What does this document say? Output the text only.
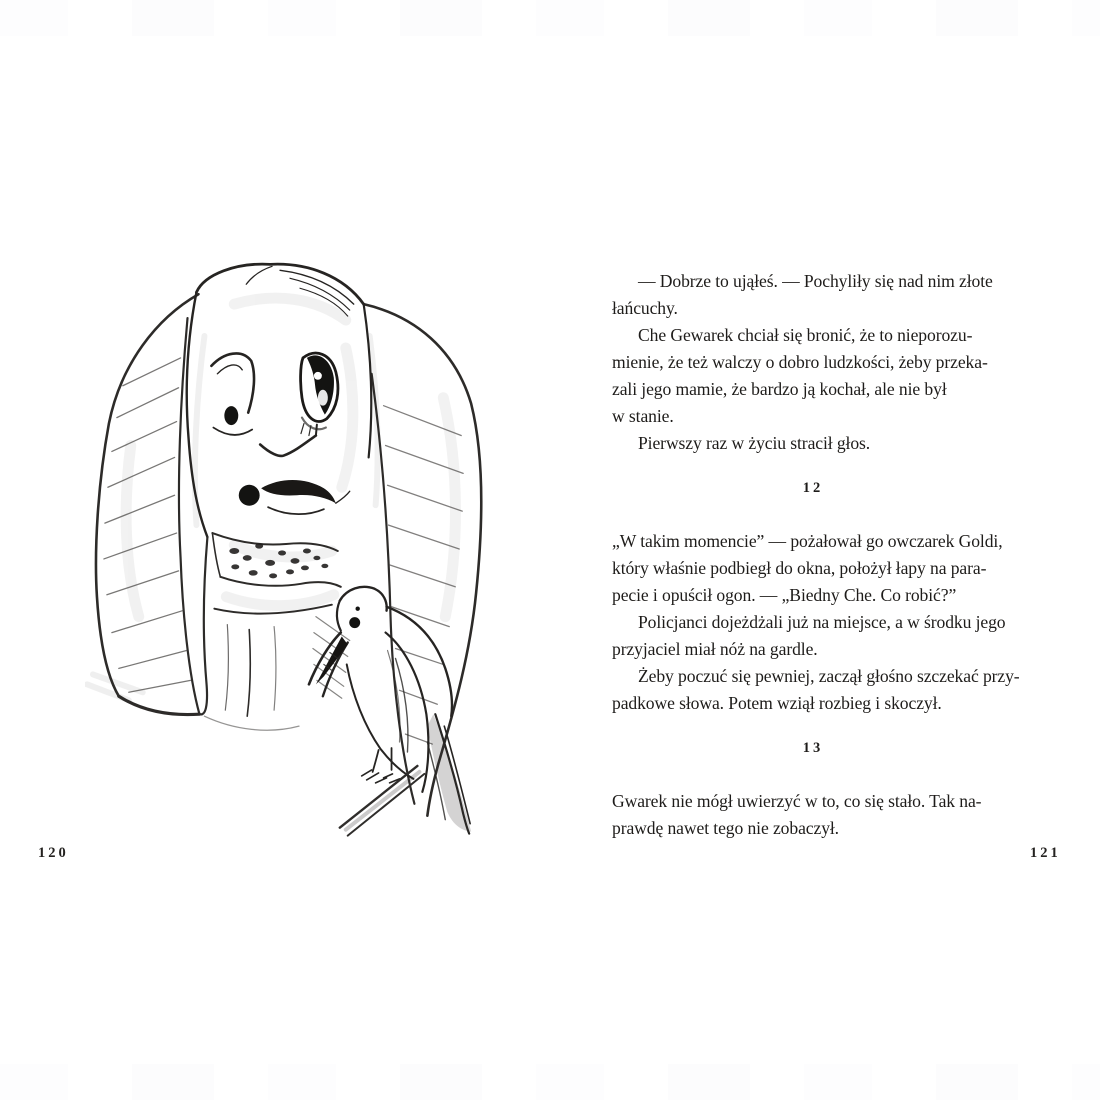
— Dobrze to ująłeś. — Pochyliły się nad nim złote
łańcuchy.
Che Gewarek chciał się bronić, że to nieporozu-
mienie, że też walczy o dobro ludzkości, żeby przeka-
zali jego mamie, że bardzo ją kochał, ale nie był
w stanie.
Pierwszy raz w życiu stracił głos.
12
„W takim momencie” — pożałował go owczarek Goldi,
który właśnie podbiegł do okna, położył łapy na para-
pecie i opuścił ogon. — „Biedny Che. Co robić?”
Policjanci dojeżdżali już na miejsce, a w środku jego
przyjaciel miał nóż na gardle.
Żeby poczuć się pewniej, zaczął głośno szczekać przy-
padkowe słowa. Potem wziął rozbieg i skoczył.
13
Gwarek nie mógł uwierzyć w to, co się stało. Tak na-
prawdę nawet tego nie zobaczył.
120	121
